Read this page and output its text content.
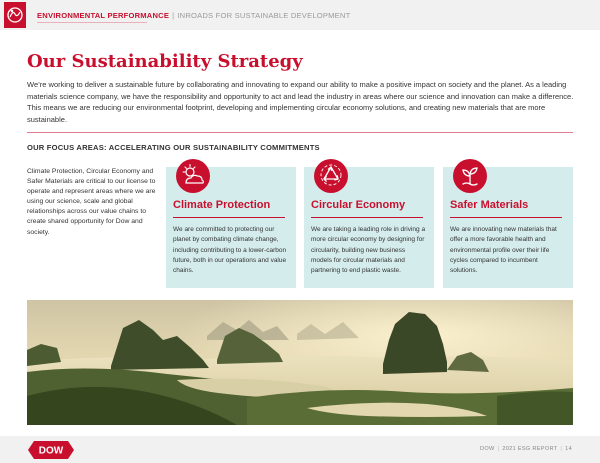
ENVIRONMENTAL PERFORMANCE | INROADS FOR SUSTAINABLE DEVELOPMENT
Our Sustainability Strategy
We’re working to deliver a sustainable future by collaborating and innovating to expand our ability to make a positive impact on society and the planet. As a leading materials science company, we have the responsibility and opportunity to act and lead the industry in areas where our science and innovation can make a difference. This means we are reducing our environmental footprint, developing and implementing circular economy solutions, and creating new materials that are more sustainable.
OUR FOCUS AREAS: ACCELERATING OUR SUSTAINABILITY COMMITMENTS
Climate Protection, Circular Economy and Safer Materials are critical to our license to operate and represent areas where we are using our science, scale and global relationships across our value chains to create shared opportunity for Dow and society.
Climate Protection
We are committed to protecting our planet by combating climate change, including contributing to a lower-carbon future, both in our operations and value chains.
Circular Economy
We are taking a leading role in driving a more circular economy by designing for circularity, building new business models for circular materials and partnering to end plastic waste.
Safer Materials
We are innovating new materials that offer a more favorable health and environmental profile over their life cycles compared to incumbent solutions.
DOW	DOW | 2021 ESG REPORT | 14
